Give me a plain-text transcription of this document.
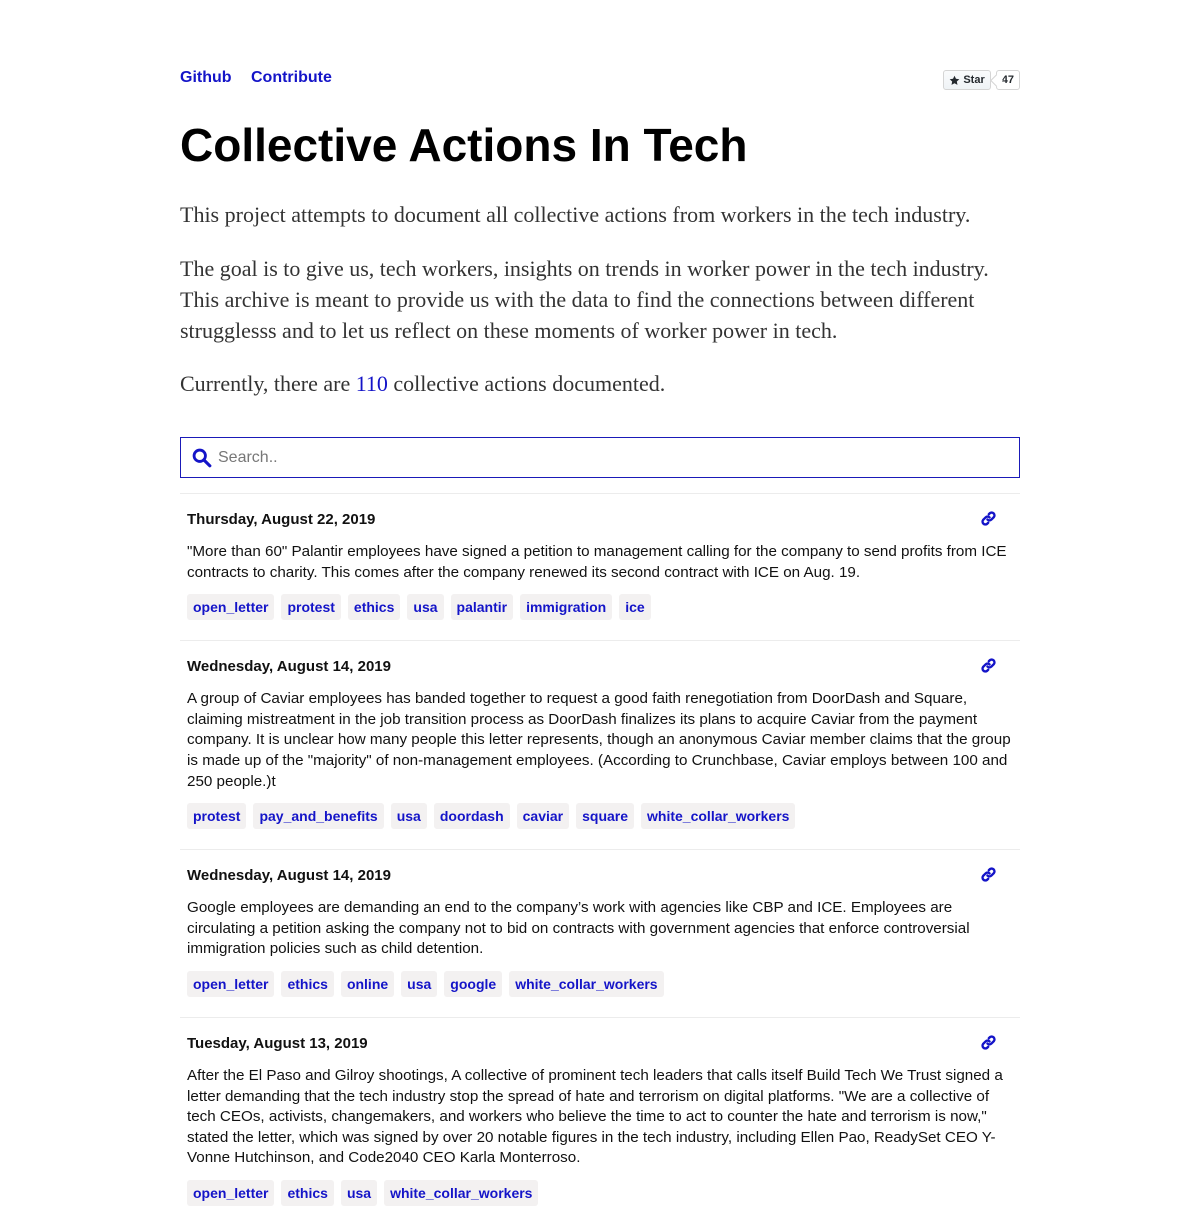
Github Contribute	Star	47
Collective Actions In Tech

This project attempts to document all collective actions from workers in the tech industry.

The goal is to give us, tech workers, insights on trends in worker power in the tech industry. This archive is meant to provide us with the data to find the connections between different strugglesss and to let us reflect on these moments of worker power in tech.

Currently, there are 110 collective actions documented.

Search..
Thursday, August 22, 2019

"More than 60" Palantir employees have signed a petition to management calling for the company to send profits from ICE contracts to charity. This comes after the company renewed its second contract with ICE on Aug. 19.

open_letter	protest	ethics	usa	palantir	immigration	ice
Wednesday, August 14, 2019

A group of Caviar employees has banded together to request a good faith renegotiation from DoorDash and Square, claiming mistreatment in the job transition process as DoorDash finalizes its plans to acquire Caviar from the payment company. It is unclear how many people this letter represents, though an anonymous Caviar member claims that the group is made up of the "majority" of non-management employees. (According to Crunchbase, Caviar employs between 100 and 250 people.)t

protest	pay_and_benefits	usa	doordash	caviar	square	white_collar_workers
Wednesday, August 14, 2019

Google employees are demanding an end to the company’s work with agencies like CBP and ICE. Employees are circulating a petition asking the company not to bid on contracts with government agencies that enforce controversial immigration policies such as child detention.

open_letter	ethics	online	usa	google	white_collar_workers
Tuesday, August 13, 2019

After the El Paso and Gilroy shootings, A collective of prominent tech leaders that calls itself Build Tech We Trust signed a letter demanding that the tech industry stop the spread of hate and terrorism on digital platforms. "We are a collective of tech CEOs, activists, changemakers, and workers who believe the time to act to counter the hate and terrorism is now," stated the letter, which was signed by over 20 notable figures in the tech industry, including Ellen Pao, ReadySet CEO Y-Vonne Hutchinson, and Code2040 CEO Karla Monterroso.

open_letter	ethics	usa	white_collar_workers
